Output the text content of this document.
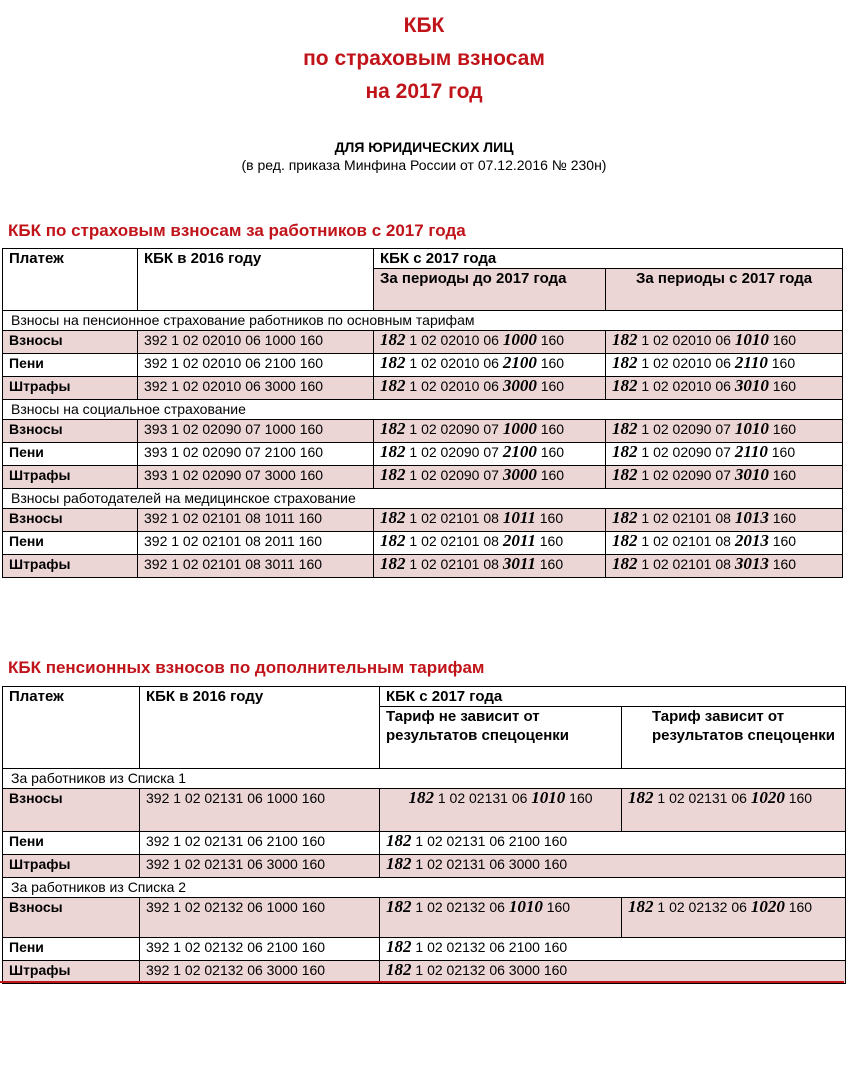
КБК
по страховым взносам
на 2017 год
ДЛЯ ЮРИДИЧЕСКИХ ЛИЦ
(в ред. приказа Минфина России от 07.12.2016 № 230н)
КБК по страховым взносам за работников с 2017 года
Платеж	КБК в 2016 году	КБК с 2017 года	
		За периоды до 2017 года	За периоды с 2017 года
Взносы на пенсионное страхование работников по основным тарифам			
Взносы	392 1 02 02010 06 1000 160	182 1 02 02010 06 1000 160	182 1 02 02010 06 1010 160
Пени	392 1 02 02010 06 2100 160	182 1 02 02010 06 2100 160	182 1 02 02010 06 2110 160
Штрафы	392 1 02 02010 06 3000 160	182 1 02 02010 06 3000 160	182 1 02 02010 06 3010 160
Взносы на социальное страхование			
Взносы	393 1 02 02090 07 1000 160	182 1 02 02090 07 1000 160	182 1 02 02090 07 1010 160
Пени	393 1 02 02090 07 2100 160	182 1 02 02090 07 2100 160	182 1 02 02090 07 2110 160
Штрафы	393 1 02 02090 07 3000 160	182 1 02 02090 07 3000 160	182 1 02 02090 07 3010 160
Взносы работодателей на медицинское страхование			
Взносы	392 1 02 02101 08 1011 160	182 1 02 02101 08 1011 160	182 1 02 02101 08 1013 160
Пени	392 1 02 02101 08 2011 160	182 1 02 02101 08 2011 160	182 1 02 02101 08 2013 160
Штрафы	392 1 02 02101 08 3011 160	182 1 02 02101 08 3011 160	182 1 02 02101 08 3013 160
КБК пенсионных взносов по дополнительным тарифам
Платеж	КБК в 2016 году	КБК с 2017 года	
		Тариф не зависит от результатов спецоценки	Тариф зависит от результатов спецоценки
За работников из Списка 1			
Взносы	392 1 02 02131 06 1000 160	182 1 02 02131 06 1010 160	182 1 02 02131 06 1020 160
Пени	392 1 02 02131 06 2100 160	182 1 02 02131 06 2100 160	
Штрафы	392 1 02 02131 06 3000 160	182 1 02 02131 06 3000 160	
За работников из Списка 2			
Взносы	392 1 02 02132 06 1000 160	182 1 02 02132 06 1010 160	182 1 02 02132 06 1020 160
Пени	392 1 02 02132 06 2100 160	182 1 02 02132 06 2100 160	
Штрафы	392 1 02 02132 06 3000 160	182 1 02 02132 06 3000 160	
